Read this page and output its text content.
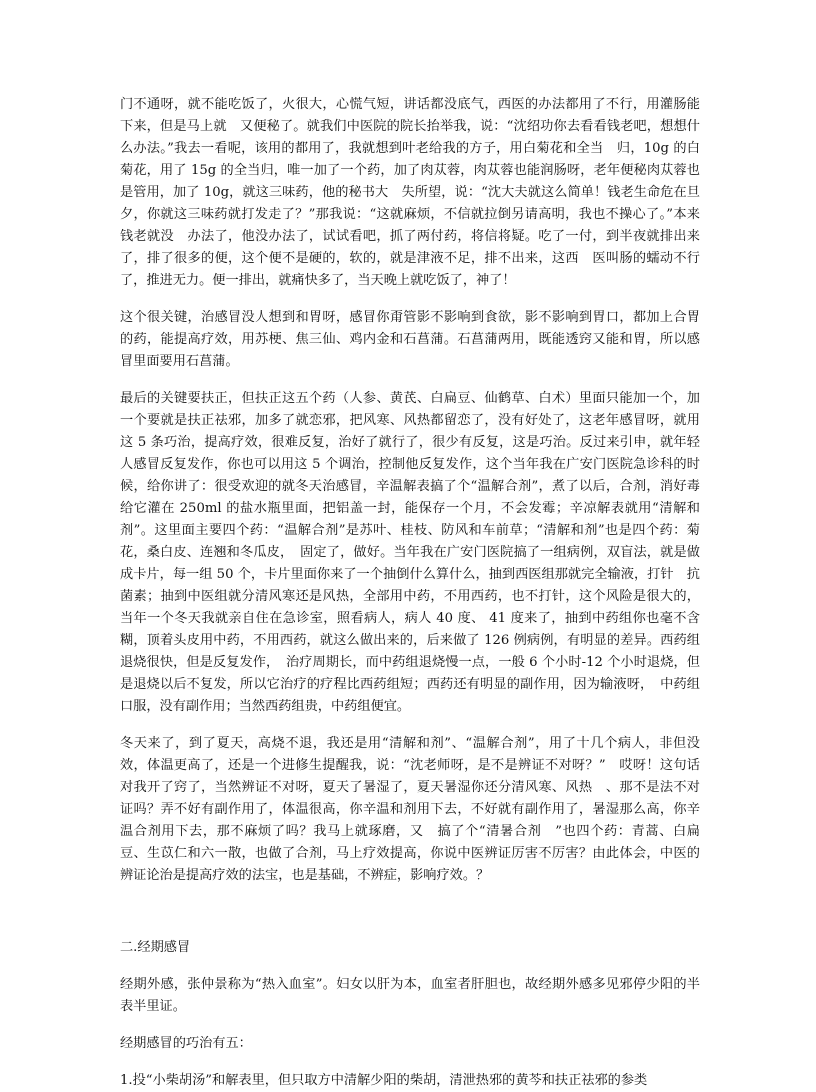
门不通呀，就不能吃饭了，火很大，心慌气短，讲话都没底气，西医的办法都用了不行，用灌肠能下来，但是马上就　又便秘了。就我们中医院的院长抬举我，说：“沈绍功你去看看钱老吧，想想什么办法。”我去一看呢，该用的都用了，我就想到叶老给我的方子，用白菊花和全当　归，10g 的白菊花，用了 15g 的全当归，唯一加了一个药，加了肉苁蓉，肉苁蓉也能润肠呀，老年便秘肉苁蓉也是管用，加了 10g，就这三味药，他的秘书大　失所望，说：“沈大夫就这么简单！钱老生命危在旦夕，你就这三味药就打发走了？”那我说：“这就麻烦，不信就拉倒另请高明，我也不操心了。”本来钱老就没　办法了，他没办法了，试试看吧，抓了两付药，将信将疑。吃了一付，到半夜就排出来了，排了很多的便，这个便不是硬的，软的，就是津液不足，排不出来，这西　医叫肠的蠕动不行了，推进无力。便一排出，就痛快多了，当天晚上就吃饭了，神了！

这个很关键，治感冒没人想到和胃呀，感冒你甭管影不影响到食欲，影不影响到胃口，都加上合胃的药，能提高疗效，用苏梗、焦三仙、鸡内金和石菖蒲。石菖蒲两用，既能透窍又能和胃，所以感冒里面要用石菖蒲。

最后的关键要扶正，但扶正这五个药（人参、黄芪、白扁豆、仙鹤草、白术）里面只能加一个，加一个要就是扶正祛邪，加多了就恋邪，把风寒、风热都留恋了，没有好处了，这老年感冒呀，就用这 5 条巧治，提高疗效，很难反复，治好了就行了，很少有反复，这是巧治。反过来引申，就年轻人感冒反复发作，你也可以用这 5 个调治，控制他反复发作，这个当年我在广安门医院急诊科的时候，给你讲了：很受欢迎的就冬天治感冒，辛温解表搞了个“温解合剂”，煮了以后，合剂，消好毒给它灌在 250ml 的盐水瓶里面，把铝盖一封，能保存一个月，不会发霉；辛凉解表就用“清解和剂”。这里面主要四个药：“温解合剂”是苏叶、桂枝、防风和车前草；“清解和剂”也是四个药：菊花，桑白皮、连翘和冬瓜皮，　固定了，做好。当年我在广安门医院搞了一组病例，双盲法，就是做成卡片，每一组 50 个，卡片里面你来了一个抽倒什么算什么，抽到西医组那就完全输液，打针　抗菌素；抽到中医组就分清风寒还是风热，全部用中药，不用西药，也不打针，这个风险是很大的，当年一个冬天我就亲自住在急诊室，照看病人，病人 40 度、 41 度来了，抽到中药组你也毫不含糊，顶着头皮用中药，不用西药，就这么做出来的，后来做了 126 例病例，有明显的差异。西药组退烧很快，但是反复发作，　治疗周期长，而中药组退烧慢一点，一般 6 个小时-12 个小时退烧，但是退烧以后不复发，所以它治疗的疗程比西药组短；西药还有明显的副作用，因为输液呀，　中药组口服，没有副作用；当然西药组贵，中药组便宜。

冬天来了，到了夏天，高烧不退，我还是用“清解和剂”、“温解合剂”，用了十几个病人，非但没效，体温更高了，还是一个进修生提醒我，说：“沈老师呀，是不是辨证不对呀？”　哎呀！这句话对我开了窍了，当然辨证不对呀，夏天了暑湿了，夏天暑湿你还分清风寒、风热　、那不是法不对证吗？弄不好有副作用了，体温很高，你辛温和剂用下去，不好就有副作用了，暑湿那么高，你辛温合剂用下去，那不麻烦了吗？我马上就琢磨，又　搞了个“清暑合剂　”也四个药：青蒿、白扁豆、生苡仁和六一散，也做了合剂，马上疗效提高，你说中医辨证厉害不厉害？由此体会，中医的辨证论治是提高疗效的法宝，也是基础，不辨症，影响疗效。？

二.经期感冒

经期外感，张仲景称为“热入血室”。妇女以肝为本，血室者肝胆也，故经期外感多见邪停少阳的半表半里证。

经期感冒的巧治有五：

1.投“小柴胡汤”和解表里，但只取方中清解少阳的柴胡，清泄热邪的黄芩和扶正祛邪的参类
